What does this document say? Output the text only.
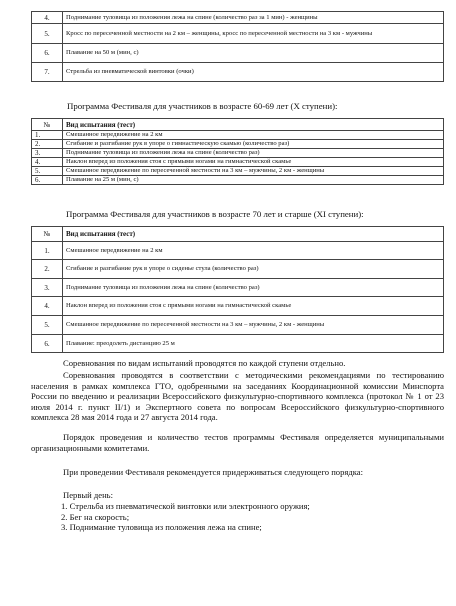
4.	Поднимание туловища из положения лежа на спине (количество раз за 1 мин) - женщины
5.	Кросс по пересеченной местности на 2 км – женщины, кросс по пересеченной местности на 3 км - мужчины
6.	Плавание на 50 м (мин, с)
7.	Стрельба из пневматической винтовки (очки)
Программа Фестиваля для участников в возрасте 60-69 лет (X ступени):
№	Вид испытания (тест)
1.	Смешанное передвижение на 2 км
2.	Сгибание и разгибание рук в упоре о гимнастическую скамью (количество раз)
3.	Поднимание туловища из положения лежа на спине (количество раз)
4.	Наклон вперед из положения стоя с прямыми ногами на гимнастической скамье
5.	Смешанное передвижение по пересеченной местности на 3 км – мужчины, 2 км - женщины
6.	Плавание на 25 м (мин, с)
Программа Фестиваля для участников в возрасте 70 лет и старше (XI ступени):
№	Вид испытания (тест)
1.	Смешанное передвижение на 2 км
2.	Сгибание и разгибание рук в упоре о сиденье стула (количество раз)
3.	Поднимание туловища из положения лежа на спине (количество раз)
4.	Наклон вперед из положения стоя с прямыми ногами на гимнастической скамье
5.	Смешанное передвижение по пересеченной местности на 3 км – мужчины, 2 км - женщины
6.	Плавание: преодолеть дистанцию 25 м
Соревнования по видам испытаний проводятся по каждой ступени отдельно.
Соревнования проводятся в соответствии с методическими рекомендациями по тестированию населения в рамках комплекса ГТО, одобренными на заседаниях Координационной комиссии Минспорта России по введению и реализации Всероссийского физкультурно-спортивного комплекса (протокол № 1 от 23 июля 2014 г. пункт II/1) и Экспертного совета по вопросам Всероссийского физкультурно-спортивного комплекса 28 мая 2014 года и 27 августа 2014 года.
Порядок проведения и количество тестов программы Фестиваля определяется муниципальными организационными комитетами.
При проведении Фестиваля рекомендуется придерживаться следующего порядка:
Первый день:
1. Стрельба из пневматической винтовки или электронного оружия;
2. Бег на скорость;
3. Поднимание туловища из положения лежа на спине;
